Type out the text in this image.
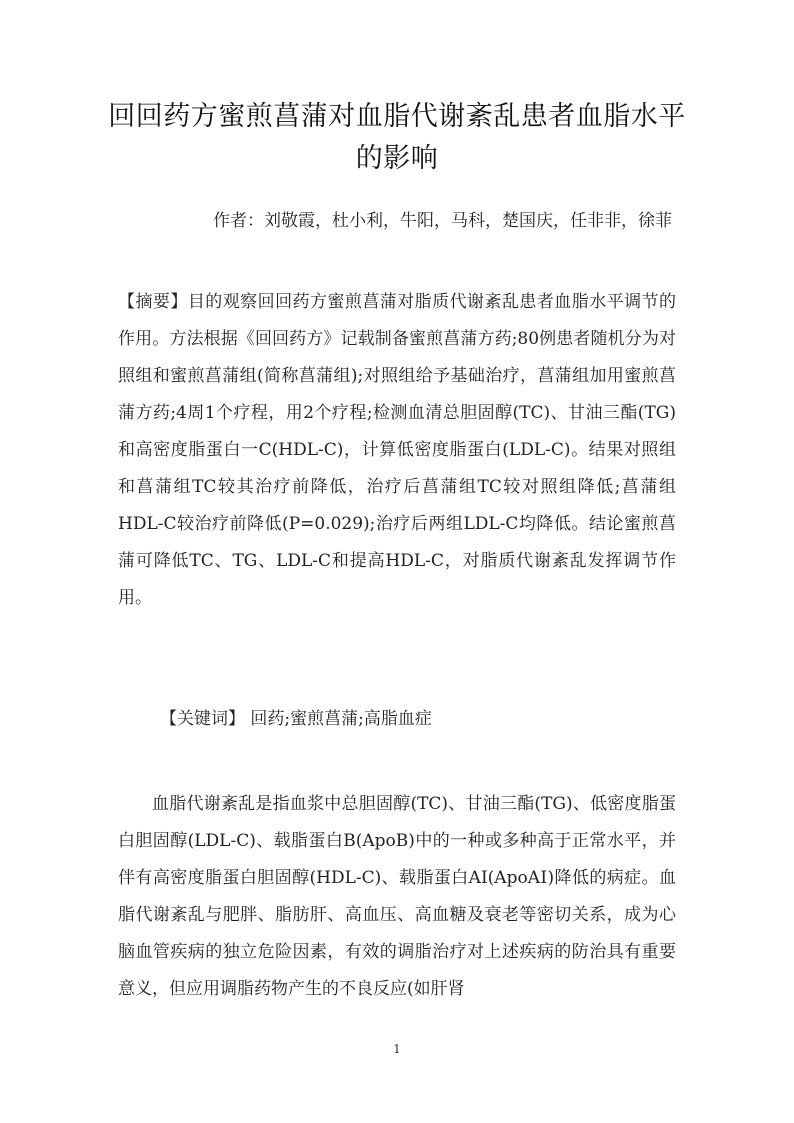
回回药方蜜煎菖蒲对血脂代谢紊乱患者血脂水平的影响
作者：刘敬霞，杜小利，牛阳，马科，楚国庆，任非非，徐菲
【摘要】目的观察回回药方蜜煎菖蒲对脂质代谢紊乱患者血脂水平调节的作用。方法根据《回回药方》记载制备蜜煎菖蒲方药;80例患者随机分为对照组和蜜煎菖蒲组(简称菖蒲组);对照组给予基础治疗，菖蒲组加用蜜煎菖蒲方药;4周1个疗程，用2个疗程;检测血清总胆固醇(TC)、甘油三酯(TG)和高密度脂蛋白一C(HDL-C)，计算低密度脂蛋白(LDL-C)。结果对照组和菖蒲组TC较其治疗前降低，治疗后菖蒲组TC较对照组降低;菖蒲组HDL-C较治疗前降低(P=0.029);治疗后两组LDL-C均降低。结论蜜煎菖蒲可降低TC、TG、LDL-C和提高HDL-C，对脂质代谢紊乱发挥调节作用。
【关键词】 回药;蜜煎菖蒲;高脂血症
血脂代谢紊乱是指血浆中总胆固醇(TC)、甘油三酯(TG)、低密度脂蛋白胆固醇(LDL-C)、载脂蛋白B(ApoB)中的一种或多种高于正常水平，并伴有高密度脂蛋白胆固醇(HDL-C)、载脂蛋白AI(ApoAⅠ)降低的病症。血脂代谢紊乱与肥胖、脂肪肝、高血压、高血糖及衰老等密切关系，成为心脑血管疾病的独立危险因素，有效的调脂治疗对上述疾病的防治具有重要意义，但应用调脂药物产生的不良反应(如肝肾
1
